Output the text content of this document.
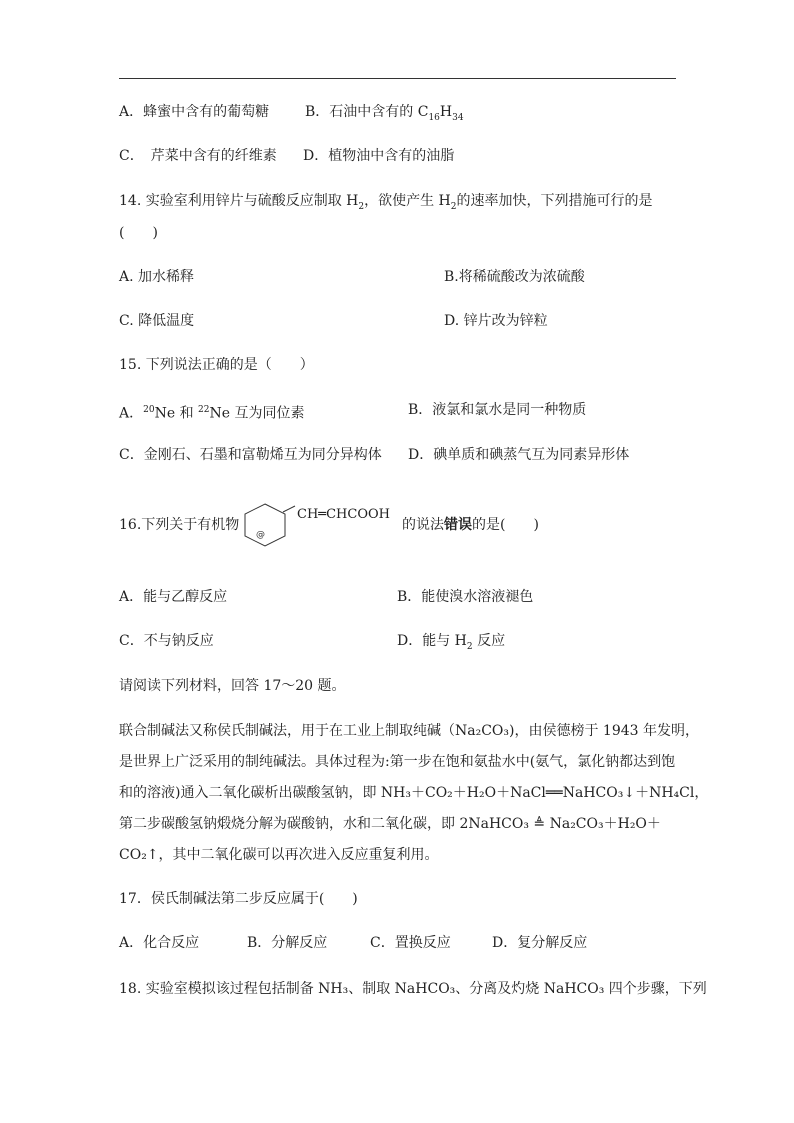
A．蜂蜜中含有的葡萄糖	B．石油中含有的 $C_{16}H_{34}$
C．　芹菜中含有的纤维素 D．植物油中含有的油脂
14. 实验室利用锌片与硫酸反应制取 $H_2$，欲使产生 $H_2$的速率加快，下列措施可行的是
(　　)
A. 加水稀释	B.将稀硫酸改为浓硫酸
C. 降低温度	D. 锌片改为锌粒
15. 下列说法正确的是（　　）
A．$^{20}$Ne 和 $^{22}$Ne 互为同位素	B．液氯和氯水是同一种物质
C．金刚石、石墨和富勒烯互为同分异构体 D．碘单质和碘蒸气互为同素异形体
16.下列关于有机物
@
CH═CHCOOH
的说法错误的是(　　)
A．能与乙醇反应	B．能使溴水溶液褪色
C．不与钠反应	D．能与 $H_2$ 反应
请阅读下列材料，回答 17～20 题。

联合制碱法又称侯氏制碱法，用于在工业上制取纯碱（Na₂CO₃)，由侯德榜于 1943 年发明，

是世界上广泛采用的制纯碱法。具体过程为:第一步在饱和氨盐水中(氨气，氯化钠都达到饱

和的溶液)通入二氧化碳析出碳酸氢钠，即 NH₃＋CO₂＋H₂O＋NaCl══NaHCO₃↓＋NH₄Cl，

第二步碳酸氢钠煅烧分解为碳酸钠，水和二氧化碳，即 2NaHCO₃ ≜ Na₂CO₃＋H₂O＋

CO₂↑，其中二氧化碳可以再次进入反应重复利用。

17．侯氏制碱法第二步反应属于(　　)
A．化合反应	B．分解反应	C．置换反应	D．复分解反应
18. 实验室模拟该过程包括制备 NH₃、制取 NaHCO₃、分离及灼烧 NaHCO₃ 四个步骤，下列
